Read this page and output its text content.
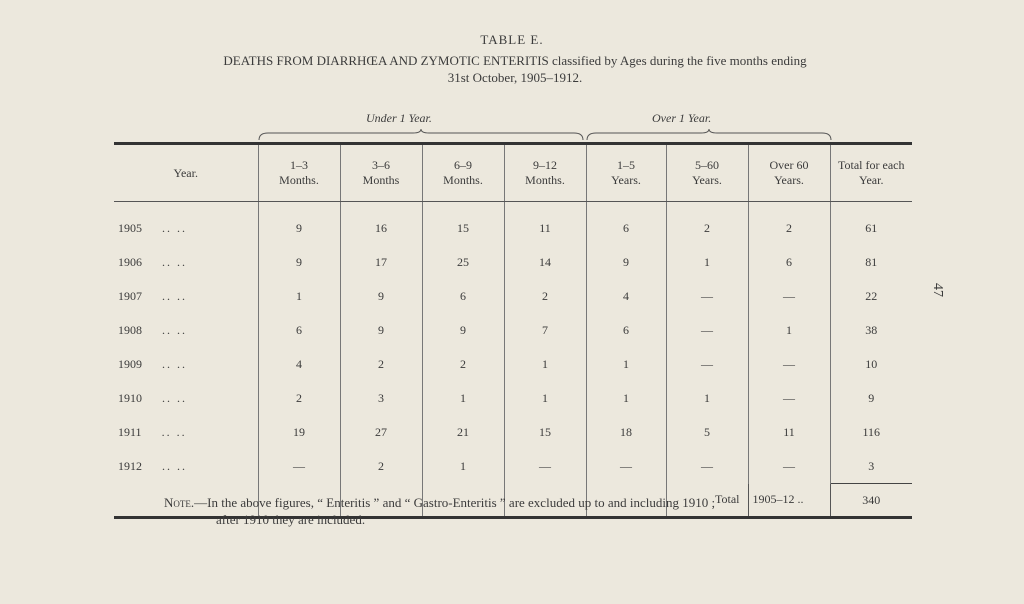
TABLE E.
DEATHS FROM DIARRHŒA AND ZYMOTIC ENTERITIS classified by Ages during the five months ending
31st October, 1905–1912.
Under 1 Year.	Over 1 Year.
Year.	1–3 Months.	3–6 Months	6–9 Months.	9–12 Months.	1–5 Years.	5–60 Years.	Over 60 Years.	Total for each Year.

1905 .. ..	9	16	15	11	6	2	2	61
1906 .. ..	9	17	25	14	9	1	6	81
1907 .. ..	1	9	6	2	4	—	—	22
1908 .. ..	6	9	9	7	6	—	1	38
1909 .. ..	4	2	2	1	1	—	—	10
1910 .. ..	2	3	1	1	1	1	—	9
1911 .. ..	19	27	21	15	18	5	11	116
1912 .. ..	—	2	1	—	—	—	—	3
						Total	1905–12 ..	340
47
Note.—In the above figures, “ Enteritis ” and “ Gastro-Enteritis ” are excluded up to and including 1910 ;
after 1910 they are included.
